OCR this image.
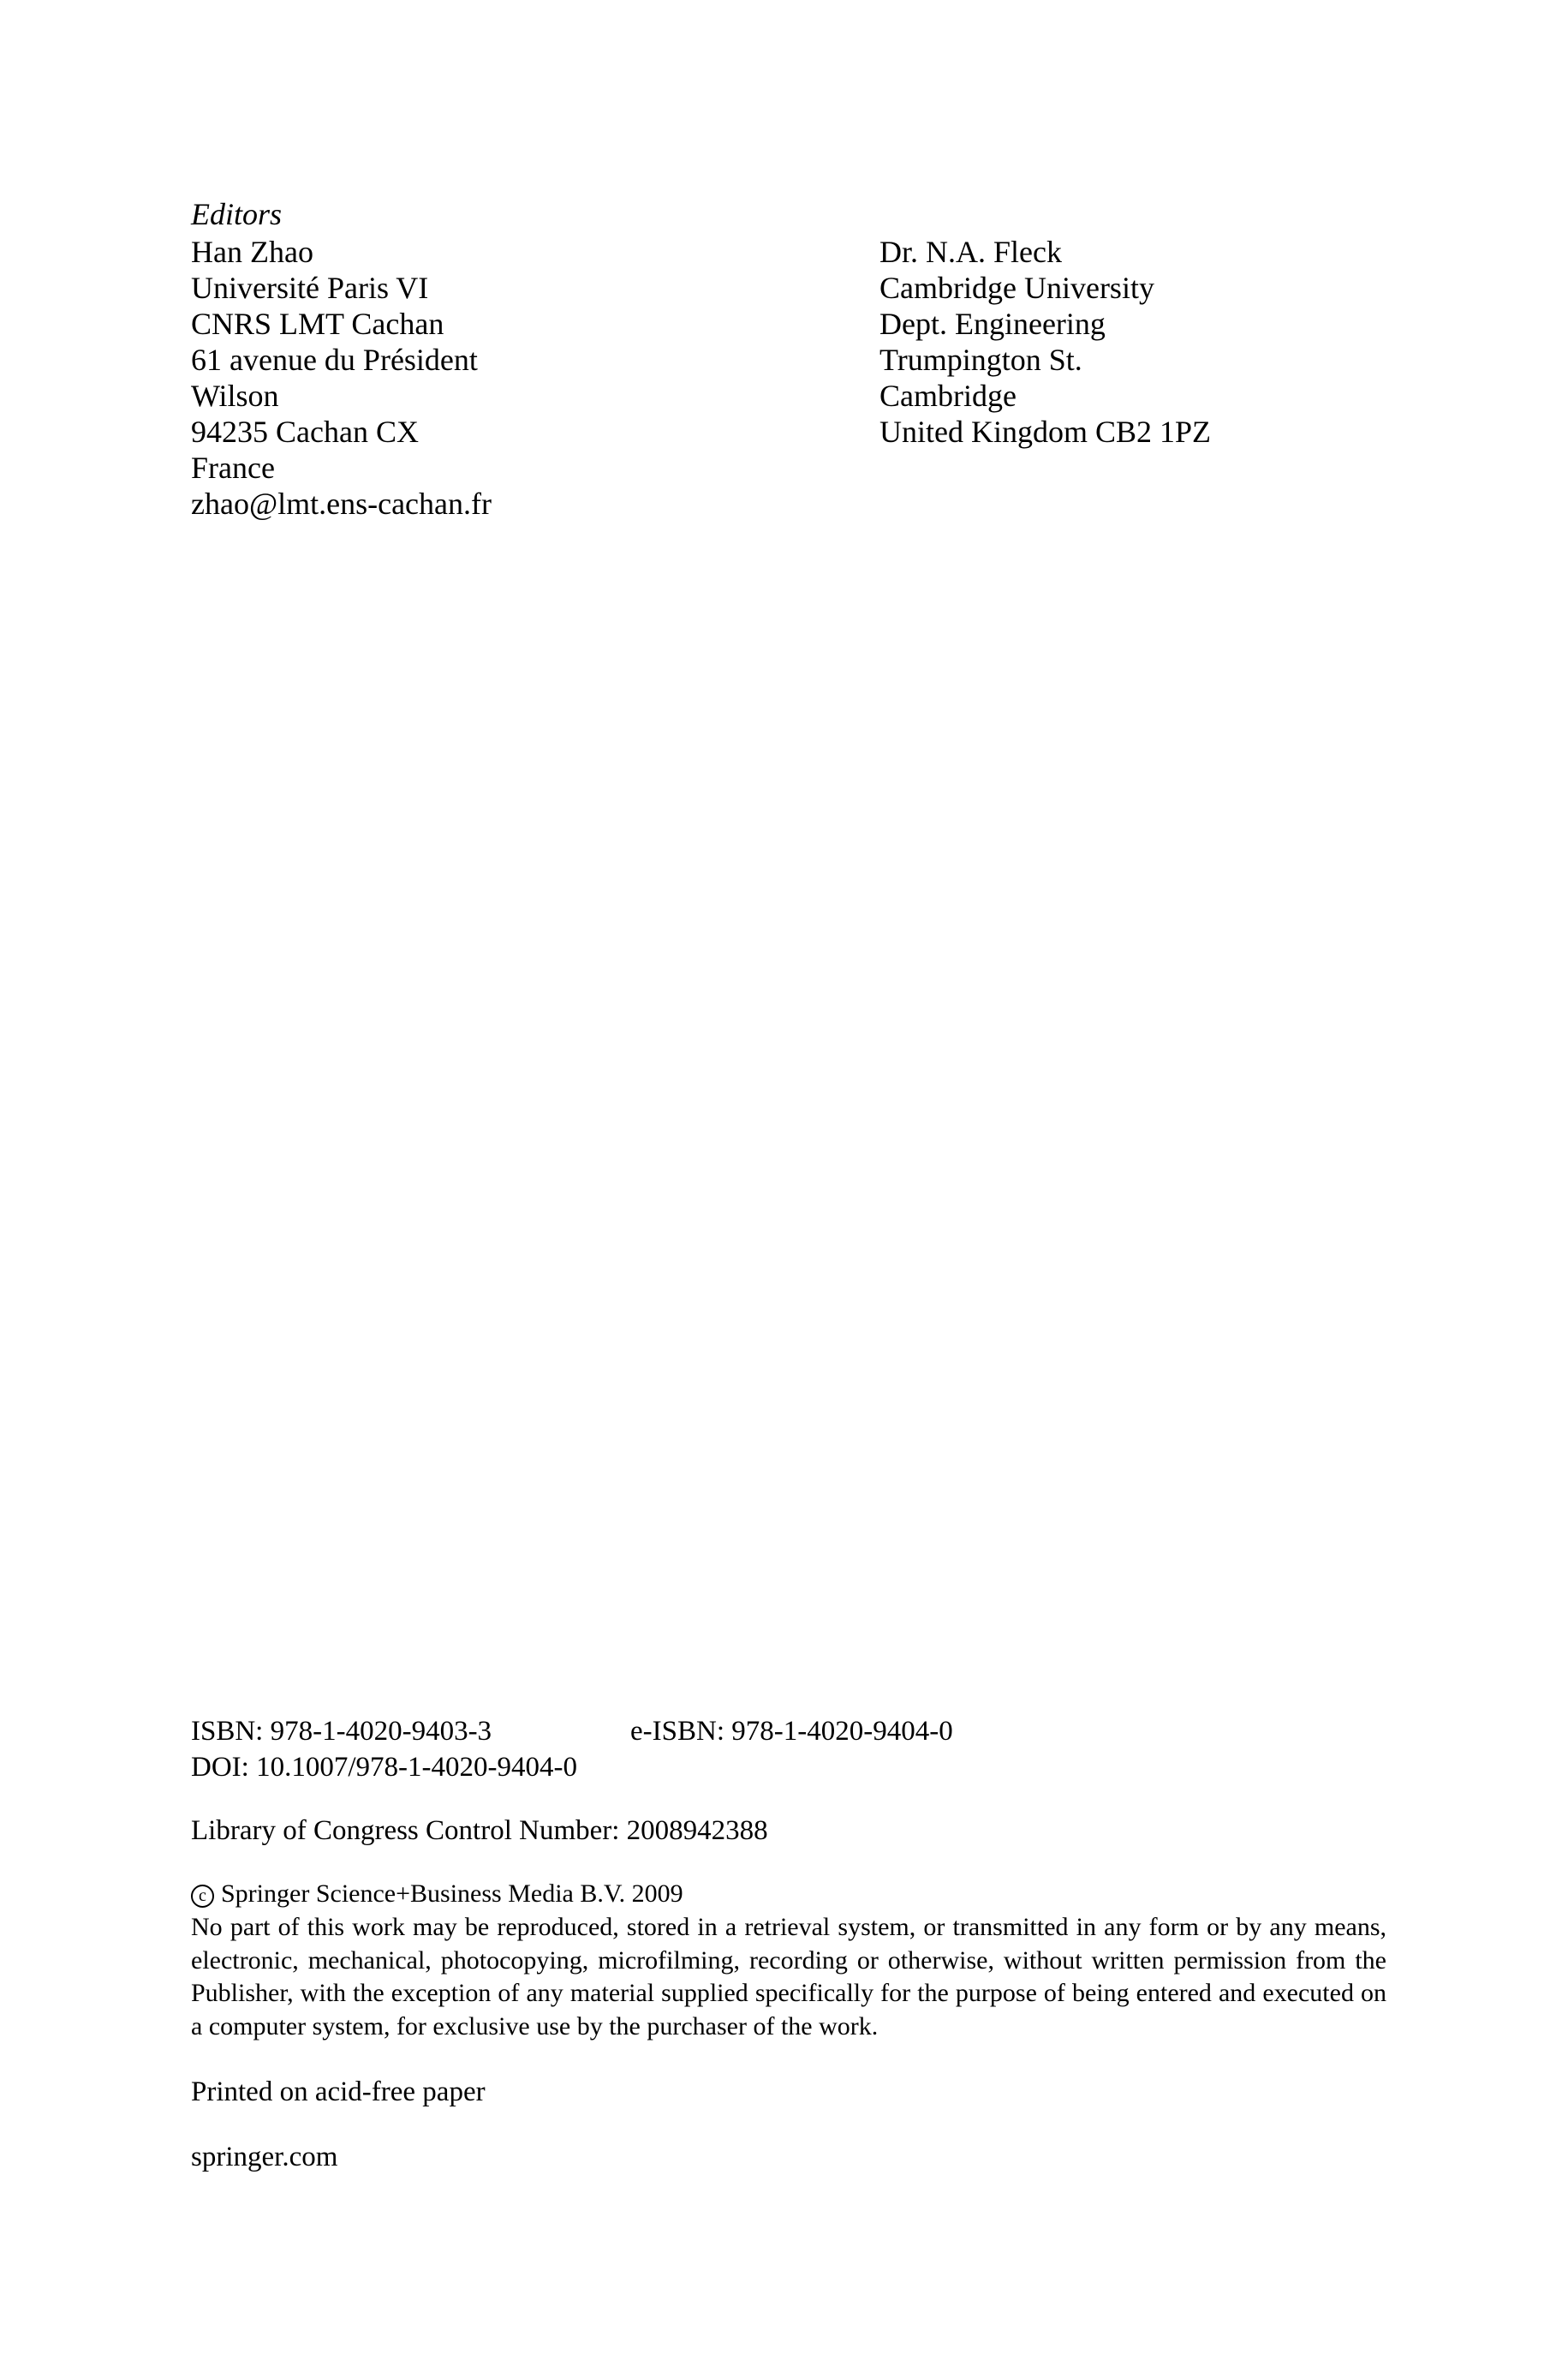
Editors
Han Zhao
Université Paris VI
CNRS LMT Cachan
61 avenue du Président
Wilson
94235 Cachan CX
France
zhao@lmt.ens-cachan.fr
Dr. N.A. Fleck
Cambridge University
Dept. Engineering
Trumpington St.
Cambridge
United Kingdom CB2 1PZ
ISBN: 978-1-4020-9403-3	e-ISBN: 978-1-4020-9404-0
DOI: 10.1007/978-1-4020-9404-0
Library of Congress Control Number: 2008942388
c Springer Science+Business Media B.V. 2009
No part of this work may be reproduced, stored in a retrieval system, or transmitted in any form or by any means, electronic, mechanical, photocopying, microfilming, recording or otherwise, without written permission from the Publisher, with the exception of any material supplied specifically for the purpose of being entered and executed on a computer system, for exclusive use by the purchaser of the work.
Printed on acid-free paper
springer.com
